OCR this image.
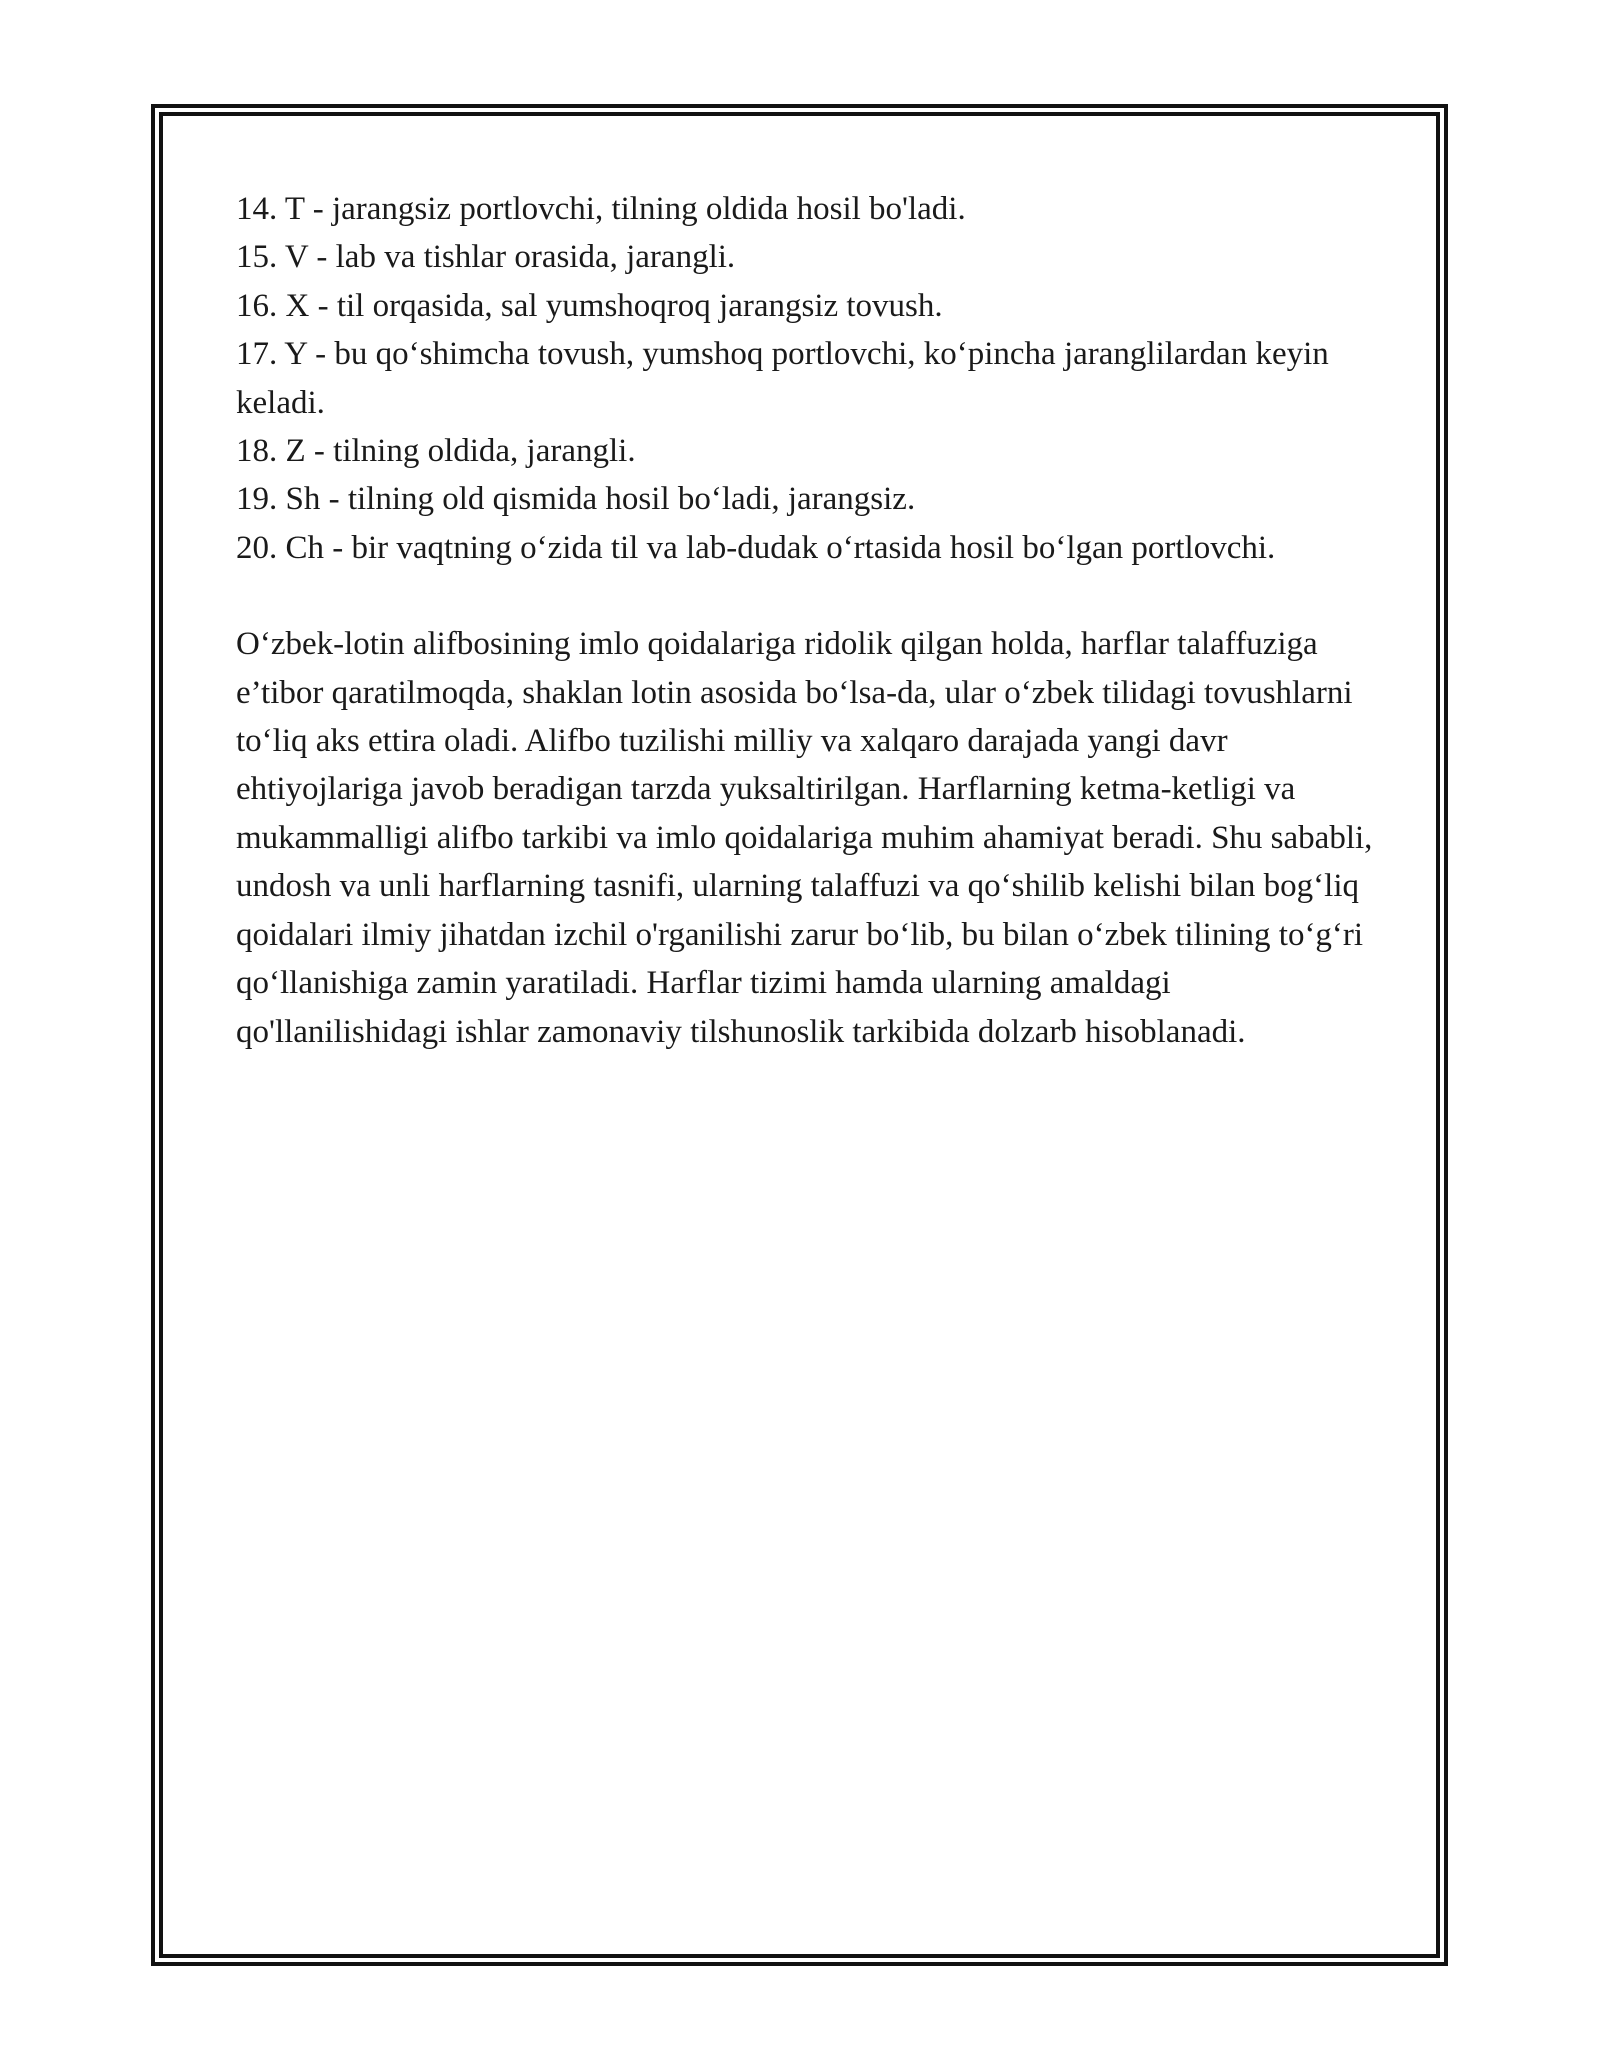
14. T - jarangsiz portlovchi, tilning oldida hosil bo'ladi.
15. V - lab va tishlar orasida, jarangli.
16. X - til orqasida, sal yumshoqroq jarangsiz tovush.
17. Y - bu qo‘shimcha tovush, yumshoq portlovchi, ko‘pincha jaranglilardan keyin keladi.
18. Z - tilning oldida, jarangli.
19. Sh - tilning old qismida hosil bo‘ladi, jarangsiz.
20. Ch - bir vaqtning o‘zida til va lab-dudak o‘rtasida hosil bo‘lgan portlovchi.

O‘zbek-lotin alifbosining imlo qoidalariga ridolik qilgan holda, harflar talaffuziga e’tibor qaratilmoqda, shaklan lotin asosida bo‘lsa-da, ular o‘zbek tilidagi tovushlarni to‘liq aks ettira oladi. Alifbo tuzilishi milliy va xalqaro darajada yangi davr ehtiyojlariga javob beradigan tarzda yuksaltirilgan. Harflarning ketma-ketligi va mukammalligi alifbo tarkibi va imlo qoidalariga muhim ahamiyat beradi. Shu sababli, undosh va unli harflarning tasnifi, ularning talaffuzi va qo‘shilib kelishi bilan bog‘liq qoidalari ilmiy jihatdan izchil o'rganilishi zarur bo‘lib, bu bilan o‘zbek tilining to‘g‘ri qo‘llanishiga zamin yaratiladi. Harflar tizimi hamda ularning amaldagi qo'llanilishidagi ishlar zamonaviy tilshunoslik tarkibida dolzarb hisoblanadi.
